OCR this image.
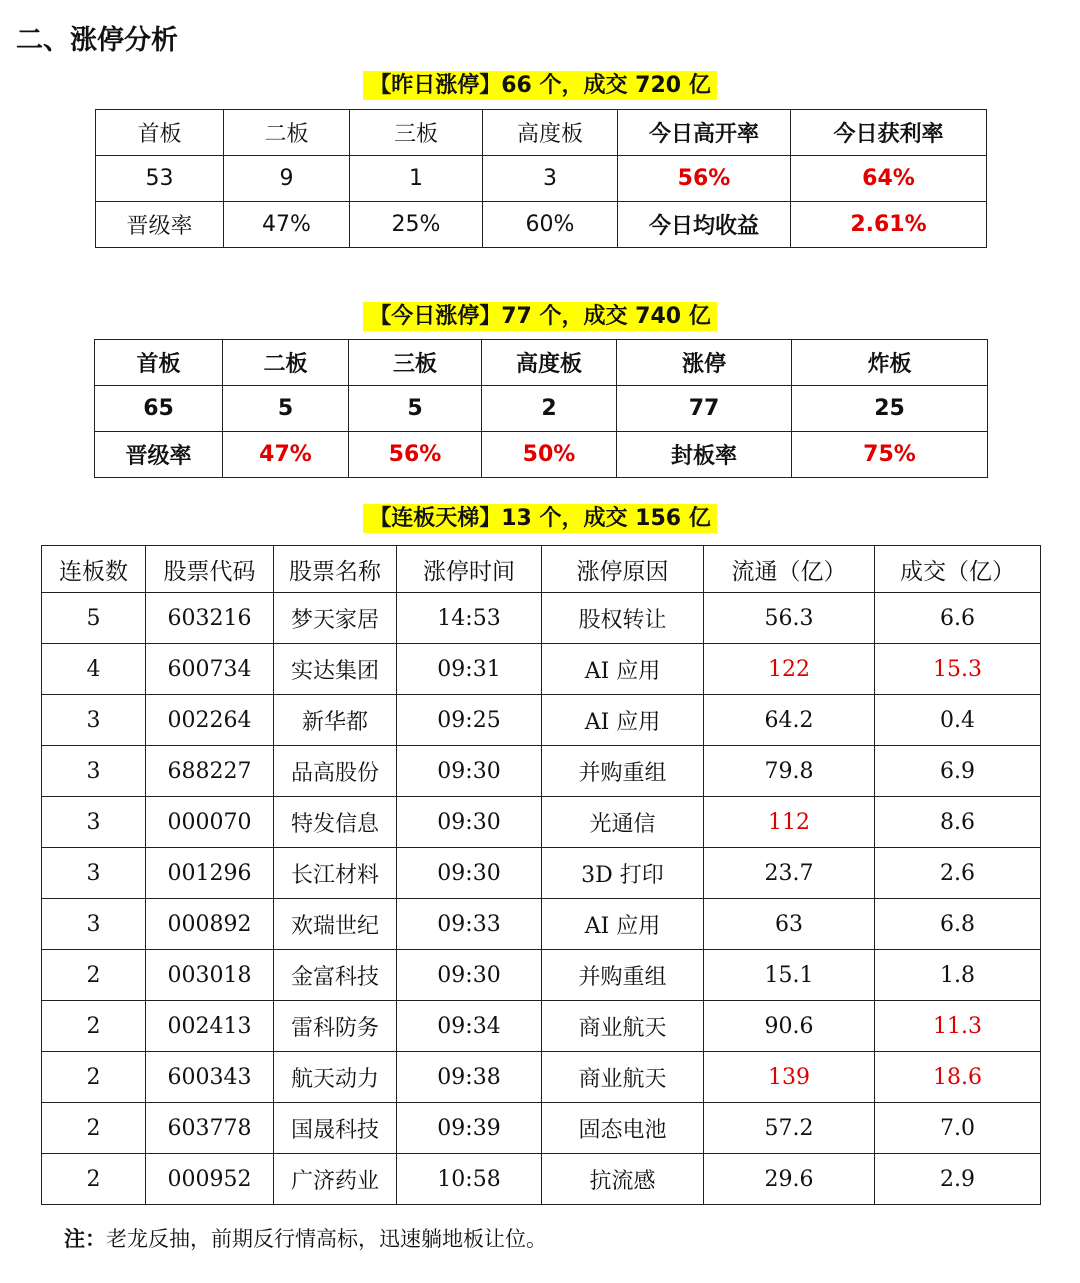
二、涨停分析
【昨日涨停】66 个，成交 720 亿
首板	二板	三板	高度板	今日高开率	今日获利率
53	9	1	3	56%	64%
晋级率	47%	25%	60%	今日均收益	2.61%
【今日涨停】77 个，成交 740 亿
首板	二板	三板	高度板	涨停	炸板
65	5	5	2	77	25
晋级率	47%	56%	50%	封板率	75%
【连板天梯】13 个，成交 156 亿
连板数	股票代码	股票名称	涨停时间	涨停原因	流通（亿）	成交（亿）
5	603216	梦天家居	14:53	股权转让	56.3	6.6
4	600734	实达集团	09:31	AI 应用	122	15.3
3	002264	新华都	09:25	AI 应用	64.2	0.4
3	688227	品高股份	09:30	并购重组	79.8	6.9
3	000070	特发信息	09:30	光通信	112	8.6
3	001296	长江材料	09:30	3D 打印	23.7	2.6
3	000892	欢瑞世纪	09:33	AI 应用	63	6.8
2	003018	金富科技	09:30	并购重组	15.1	1.8
2	002413	雷科防务	09:34	商业航天	90.6	11.3
2	600343	航天动力	09:38	商业航天	139	18.6
2	603778	国晟科技	09:39	固态电池	57.2	7.0
2	000952	广济药业	10:58	抗流感	29.6	2.9
注：老龙反抽，前期反行情高标，迅速躺地板让位。
